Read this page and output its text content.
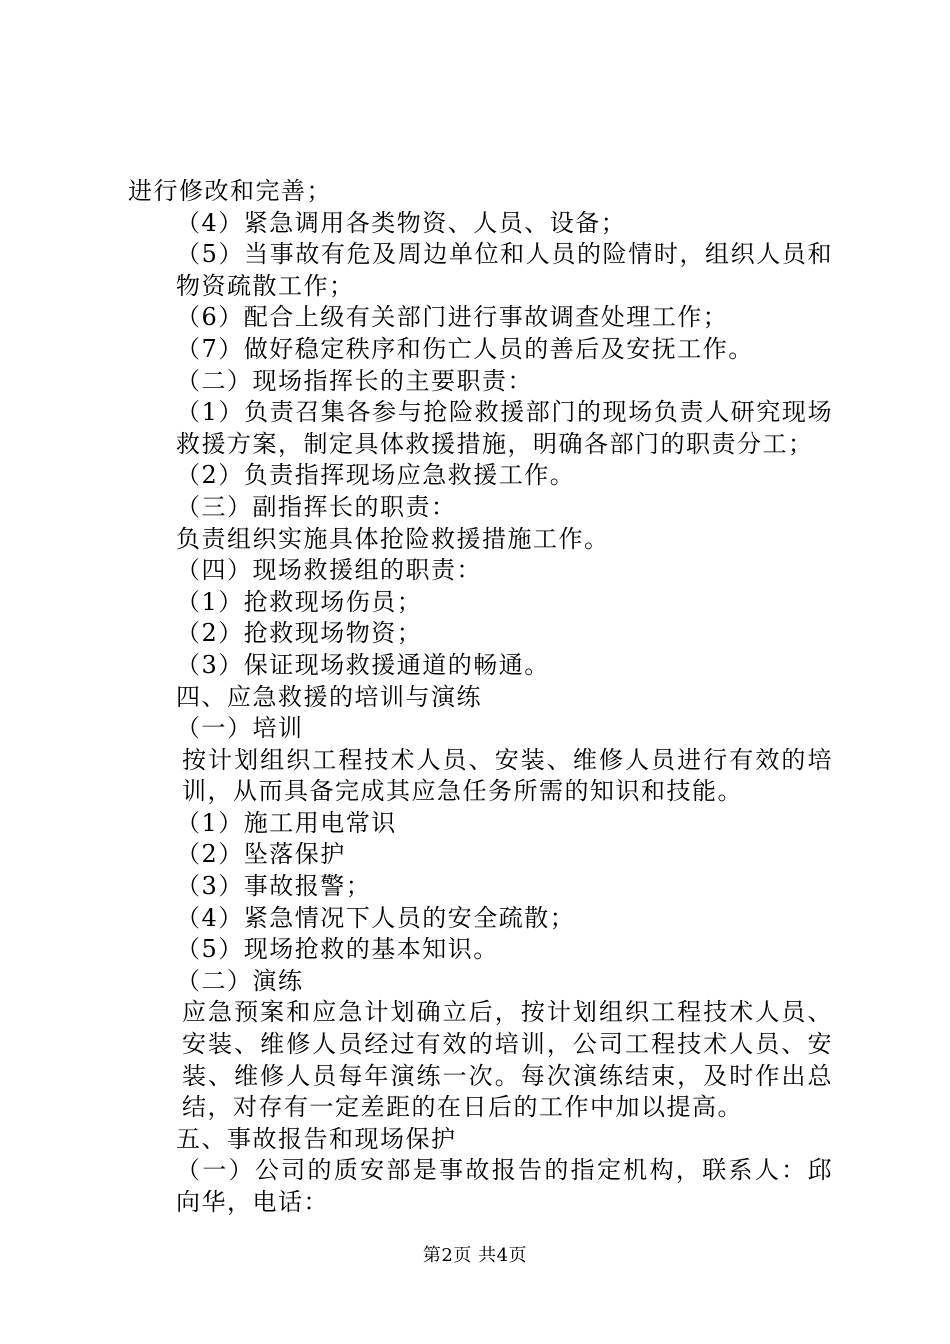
进行修改和完善；
（4）紧急调用各类物资、人员、设备；
（5）当事故有危及周边单位和人员的险情时，组织人员和物资疏散工作；
（6）配合上级有关部门进行事故调查处理工作；
（7）做好稳定秩序和伤亡人员的善后及安抚工作。
（二）现场指挥长的主要职责：
（1）负责召集各参与抢险救援部门的现场负责人研究现场救援方案，制定具体救援措施，明确各部门的职责分工；
（2）负责指挥现场应急救援工作。
（三）副指挥长的职责：
负责组织实施具体抢险救援措施工作。
（四）现场救援组的职责：
（1）抢救现场伤员；
（2）抢救现场物资；
（3）保证现场救援通道的畅通。
四、应急救援的培训与演练
（一）培训
按计划组织工程技术人员、安装、维修人员进行有效的培训，从而具备完成其应急任务所需的知识和技能。
（1）施工用电常识
（2）坠落保护
（3）事故报警；
（4）紧急情况下人员的安全疏散；
（5）现场抢救的基本知识。
（二）演练
应急预案和应急计划确立后，按计划组织工程技术人员、安装、维修人员经过有效的培训，公司工程技术人员、安装、维修人员每年演练一次。每次演练结束，及时作出总结，对存有一定差距的在日后的工作中加以提高。
五、事故报告和现场保护
（一）公司的质安部是事故报告的指定机构，联系人：邱向华，电话：
第2页 共4页
